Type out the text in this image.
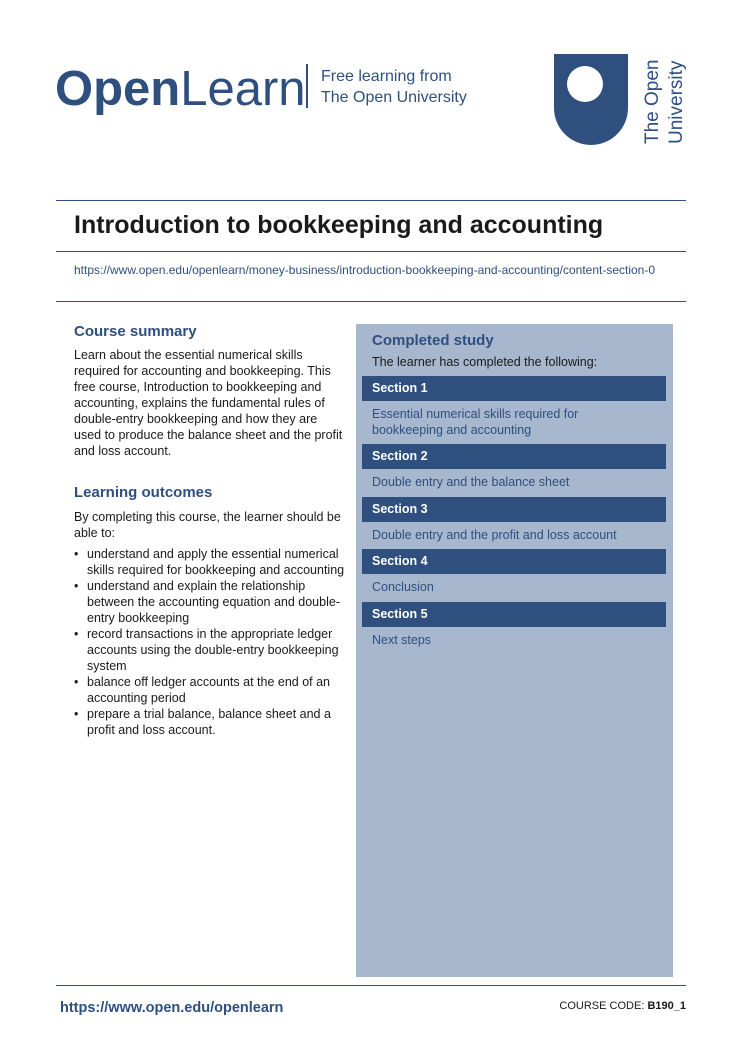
OpenLearn Free learning from
The Open University	The Open University
Introduction to bookkeeping and accounting
https://www.open.edu/openlearn/money-business/introduction-bookkeeping-and-accounting/content-section-0
Course summary
Learn about the essential numerical skills required for accounting and bookkeeping. This free course, Introduction to bookkeeping and accounting, explains the fundamental rules of double-entry bookkeeping and how they are used to produce the balance sheet and the profit and loss account.
Learning outcomes
By completing this course, the learner should be able to:
• understand and apply the essential numerical skills required for bookkeeping and accounting
• understand and explain the relationship between the accounting equation and double-entry bookkeeping
• record transactions in the appropriate ledger accounts using the double-entry bookkeeping system
• balance off ledger accounts at the end of an accounting period
• prepare a trial balance, balance sheet and a profit and loss account.
Completed study
The learner has completed the following:
Section 1
Essential numerical skills required for bookkeeping and accounting
Section 2
Double entry and the balance sheet
Section 3
Double entry and the profit and loss account
Section 4
Conclusion
Section 5
Next steps
https://www.open.edu/openlearn	COURSE CODE: B190_1
